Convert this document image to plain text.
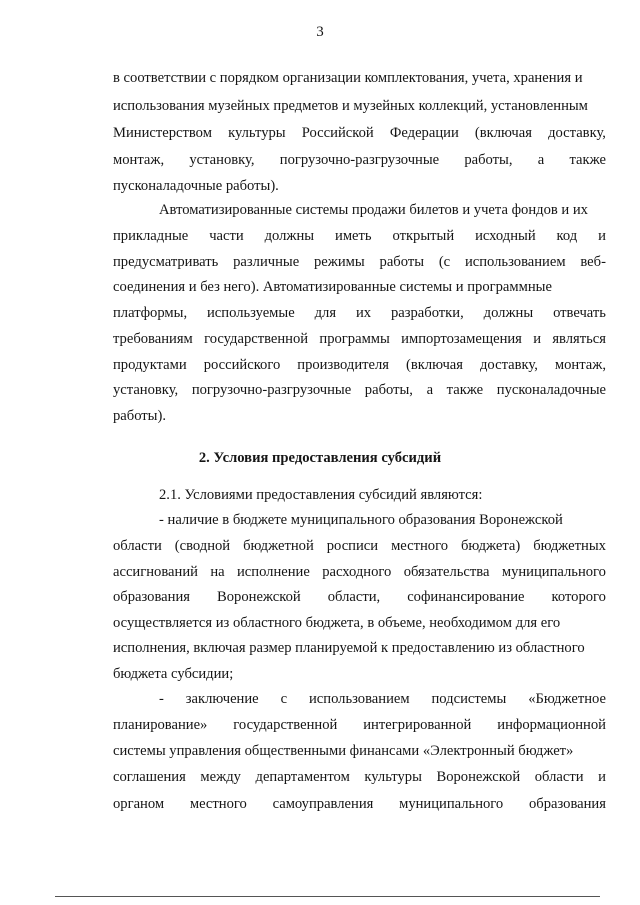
3
в соответствии с порядком организации комплектования, учета, хранения и
использования музейных предметов и музейных коллекций, установленным
Министерством культуры Российской Федерации (включая доставку,
монтаж, установку, погрузочно-разгрузочные работы, а также
пусконаладочные работы).
Автоматизированные системы продажи билетов и учета фондов и их
прикладные части должны иметь открытый исходный код и
предусматривать различные режимы работы (с использованием веб-
соединения и без него). Автоматизированные системы и программные
платформы, используемые для их разработки, должны отвечать
требованиям государственной программы импортозамещения и являться
продуктами российского производителя (включая доставку, монтаж,
установку, погрузочно-разгрузочные работы, а также пусконаладочные
работы).
2. Условия предоставления субсидий
2.1. Условиями предоставления субсидий являются:
- наличие в бюджете муниципального образования Воронежской
области (сводной бюджетной росписи местного бюджета) бюджетных
ассигнований на исполнение расходного обязательства муниципального
образования Воронежской области, софинансирование которого
осуществляется из областного бюджета, в объеме, необходимом для его
исполнения, включая размер планируемой к предоставлению из областного
бюджета субсидии;
- заключение с использованием подсистемы «Бюджетное
планирование» государственной интегрированной информационной
системы управления общественными финансами «Электронный бюджет»
соглашения между департаментом культуры Воронежской области и
органом местного самоуправления муниципального образования
